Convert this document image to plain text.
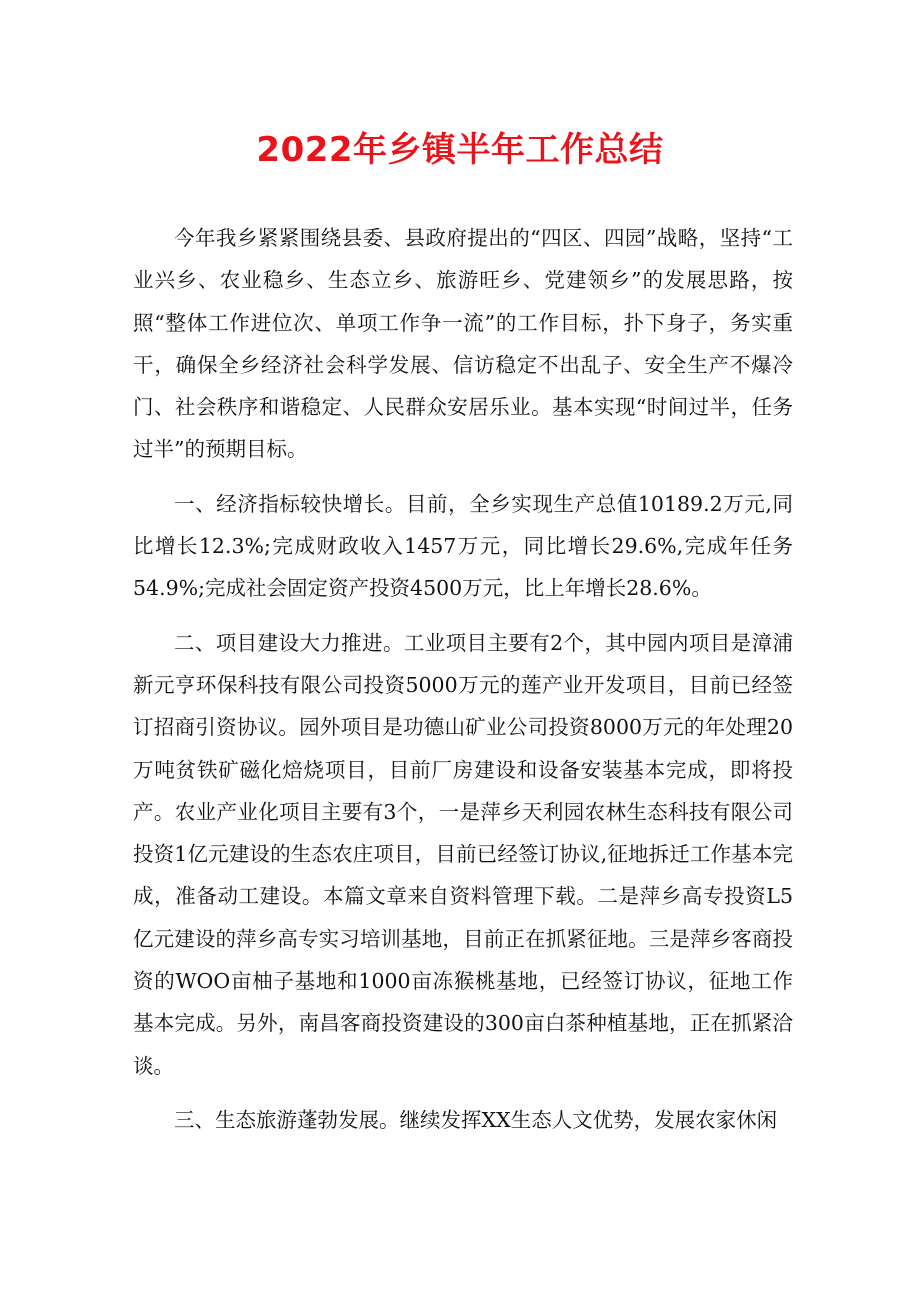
2022年乡镇半年工作总结

今年我乡紧紧围绕县委、县政府提出的“四区、四园”战略，坚持“工业兴乡、农业稳乡、生态立乡、旅游旺乡、党建领乡”的发展思路，按照“整体工作进位次、单项工作争一流”的工作目标，扑下身子，务实重干，确保全乡经济社会科学发展、信访稳定不出乱子、安全生产不爆冷门、社会秩序和谐稳定、人民群众安居乐业。基本实现“时间过半，任务过半”的预期目标。

一、经济指标较快增长。目前，全乡实现生产总值10189.2万元,同比增长12.3%;完成财政收入1457万元，同比增长29.6%,完成年任务54.9%;完成社会固定资产投资4500万元，比上年增长28.6%。

二、项目建设大力推进。工业项目主要有2个，其中园内项目是漳浦新元亨环保科技有限公司投资5000万元的莲产业开发项目，目前已经签订招商引资协议。园外项目是功德山矿业公司投资8000万元的年处理20万吨贫铁矿磁化焙烧项目，目前厂房建设和设备安装基本完成，即将投产。农业产业化项目主要有3个，一是萍乡天利园农林生态科技有限公司投资1亿元建设的生态农庄项目，目前已经签订协议,征地拆迁工作基本完成，准备动工建设。本篇文章来自资料管理下载。二是萍乡高专投资L5亿元建设的萍乡高专实习培训基地，目前正在抓紧征地。三是萍乡客商投资的WOO亩柚子基地和1000亩冻猴桃基地，已经签订协议，征地工作基本完成。另外，南昌客商投资建设的300亩白茶种植基地，正在抓紧洽谈。

三、生态旅游蓬勃发展。继续发挥XX生态人文优势，发展农家休闲
